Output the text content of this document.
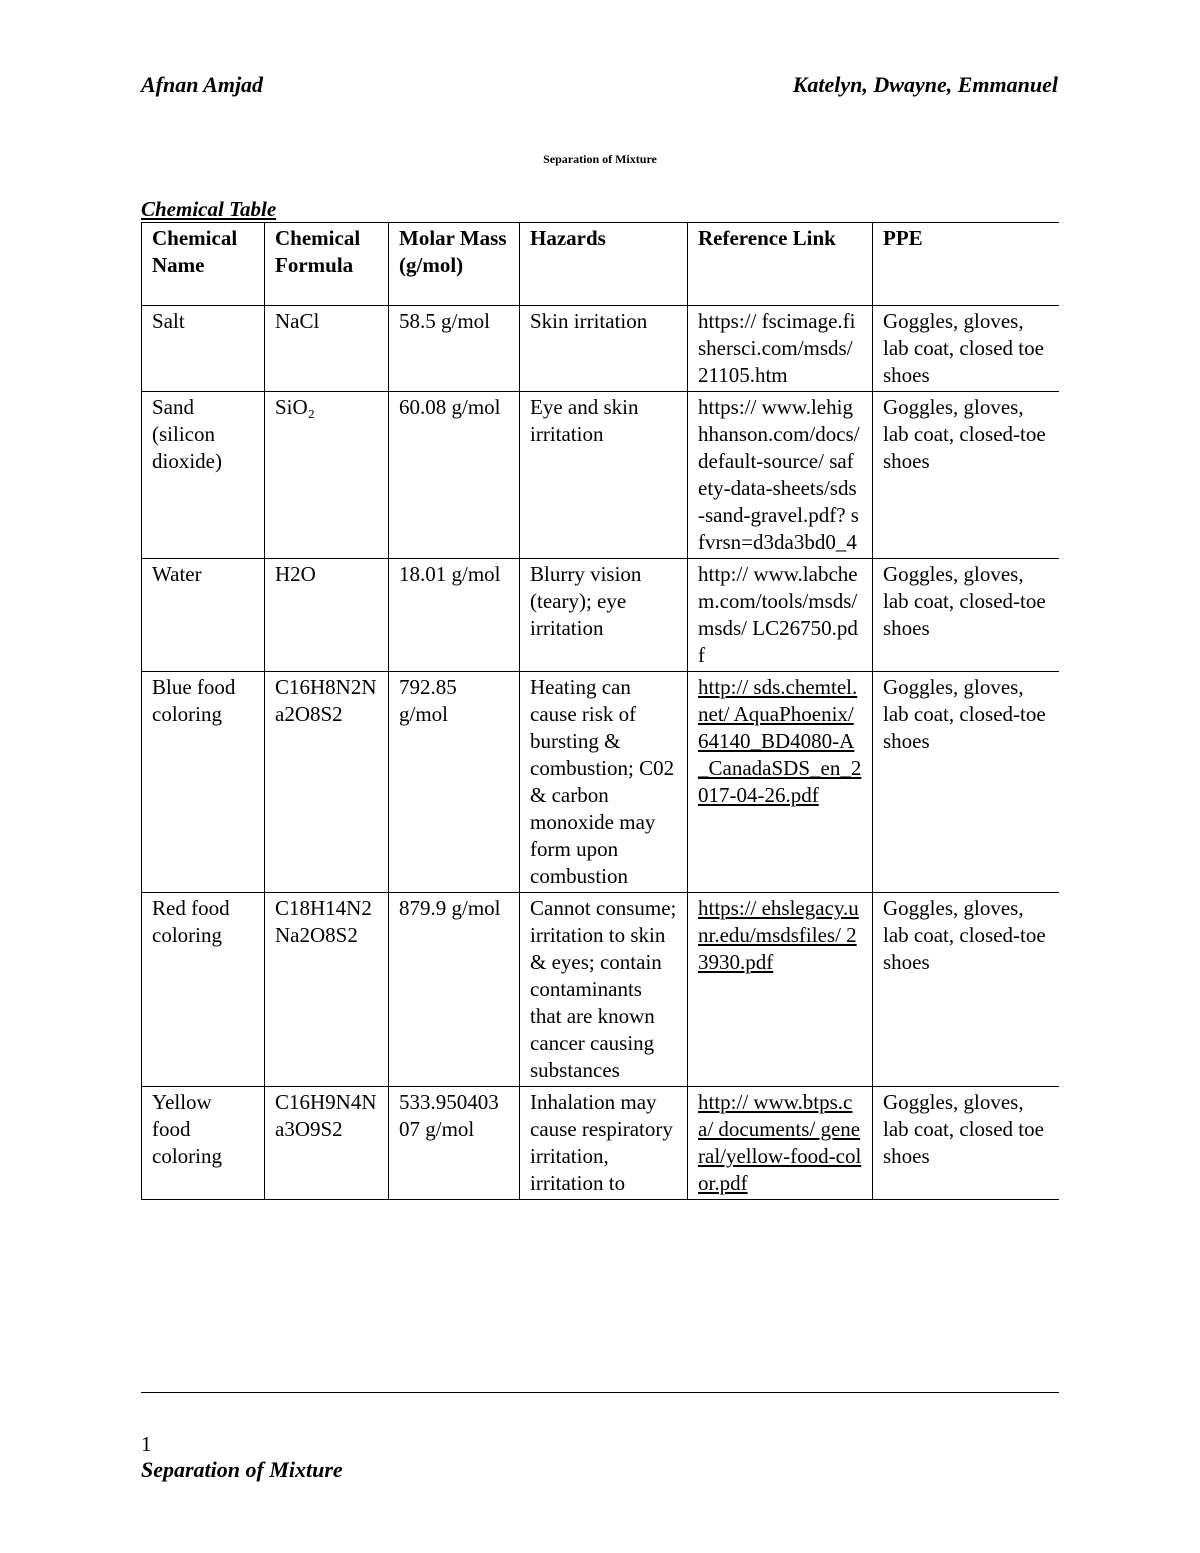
Afnan Amjad	Katelyn, Dwayne, Emmanuel
Separation of Mixture
Chemical Table
Chemical Name	Chemical Formula	Molar Mass (g/mol)	Hazards	Reference Link	PPE
Salt	NaCl	58.5 g/mol	Skin irritation	https:// fscimage.fishersci.com/msds/ 21105.htm	Goggles, gloves, lab coat, closed toe shoes
Sand (silicon dioxide)	SiO₂	60.08 g/mol	Eye and skin irritation	https:// www.lehighhanson.com/docs/ default-source/ safety-data-sheets/sds-sand-gravel.pdf? sfvrsn=d3da3bd0_4	Goggles, gloves, lab coat, closed-toe shoes
Water	H2O	18.01 g/mol	Blurry vision (teary); eye irritation	http:// www.labchem.com/tools/msds/ msds/ LC26750.pdf	Goggles, gloves, lab coat, closed-toe shoes
Blue food coloring	C16H8N2Na2O8S2	792.85 g/mol	Heating can cause risk of bursting & combustion; C02 & carbon monoxide may form upon combustion	http:// sds.chemtel.net/ AquaPhoenix/ 64140_BD4080-A_CanadaSDS_en_2017-04-26.pdf	Goggles, gloves, lab coat, closed-toe shoes
Red food coloring	C18H14N2Na2O8S2	879.9 g/mol	Cannot consume; irritation to skin & eyes; contain contaminants that are known cancer causing substances	https:// ehslegacy.unr.edu/msdsfiles/ 23930.pdf	Goggles, gloves, lab coat, closed-toe shoes
Yellow food coloring	C16H9N4Na3O9S2	533.95040307 g/mol	Inhalation may cause respiratory irritation, irritation to	http:// www.btps.ca/ documents/ general/yellow-food-color.pdf	Goggles, gloves, lab coat, closed toe shoes
1
Separation of Mixture
